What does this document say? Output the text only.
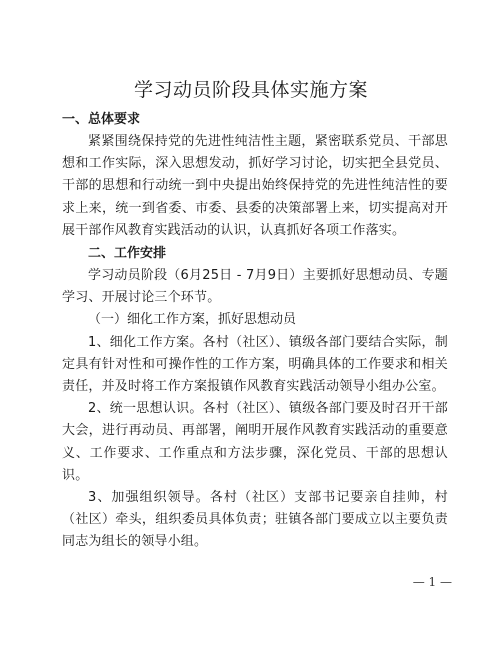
学习动员阶段具体实施方案

一、总体要求

紧紧围绕保持党的先进性纯洁性主题，紧密联系党员、干部思想和工作实际，深入思想发动，抓好学习讨论，切实把全县党员、干部的思想和行动统一到中央提出始终保持党的先进性纯洁性的要求上来，统一到省委、市委、县委的决策部署上来，切实提高对开展干部作风教育实践活动的认识，认真抓好各项工作落实。

二、工作安排

学习动员阶段（6月25日 - 7月9日）主要抓好思想动员、专题学习、开展讨论三个环节。

（一）细化工作方案，抓好思想动员

1、细化工作方案。各村（社区）、镇级各部门要结合实际，制定具有针对性和可操作性的工作方案，明确具体的工作要求和相关责任，并及时将工作方案报镇作风教育实践活动领导小组办公室。

2、统一思想认识。各村（社区）、镇级各部门要及时召开干部大会，进行再动员、再部署，阐明开展作风教育实践活动的重要意义、工作要求、工作重点和方法步骤，深化党员、干部的思想认识。

3、加强组织领导。各村（社区）支部书记要亲自挂帅，村（社区）牵头，组织委员具体负责；驻镇各部门要成立以主要负责同志为组长的领导小组。

— 1 —
